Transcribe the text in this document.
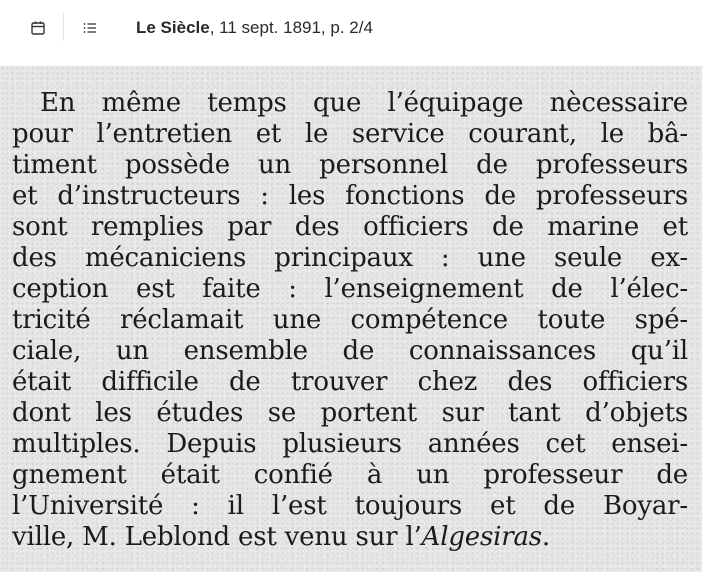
Le Siècle, 11 sept. 1891, p. 2/4
En même temps que l’équipage nècessaire
pour l’entretien et le service courant, le bâ-
timent possède un personnel de professeurs
et d’instructeurs : les fonctions de professeurs
sont remplies par des officiers de marine et
des mécaniciens principaux : une seule ex-
ception est faite : l’enseignement de l’élec-
tricité réclamait une compétence toute spé-
ciale, un ensemble de connaissances qu’il
était difficile de trouver chez des officiers
dont les études se portent sur tant d’objets
multiples. Depuis plusieurs années cet ensei-
gnement était confié à un professeur de
l’Université : il l’est toujours et de Boyar-
ville, M. Leblond est venu sur l’Algesiras.
